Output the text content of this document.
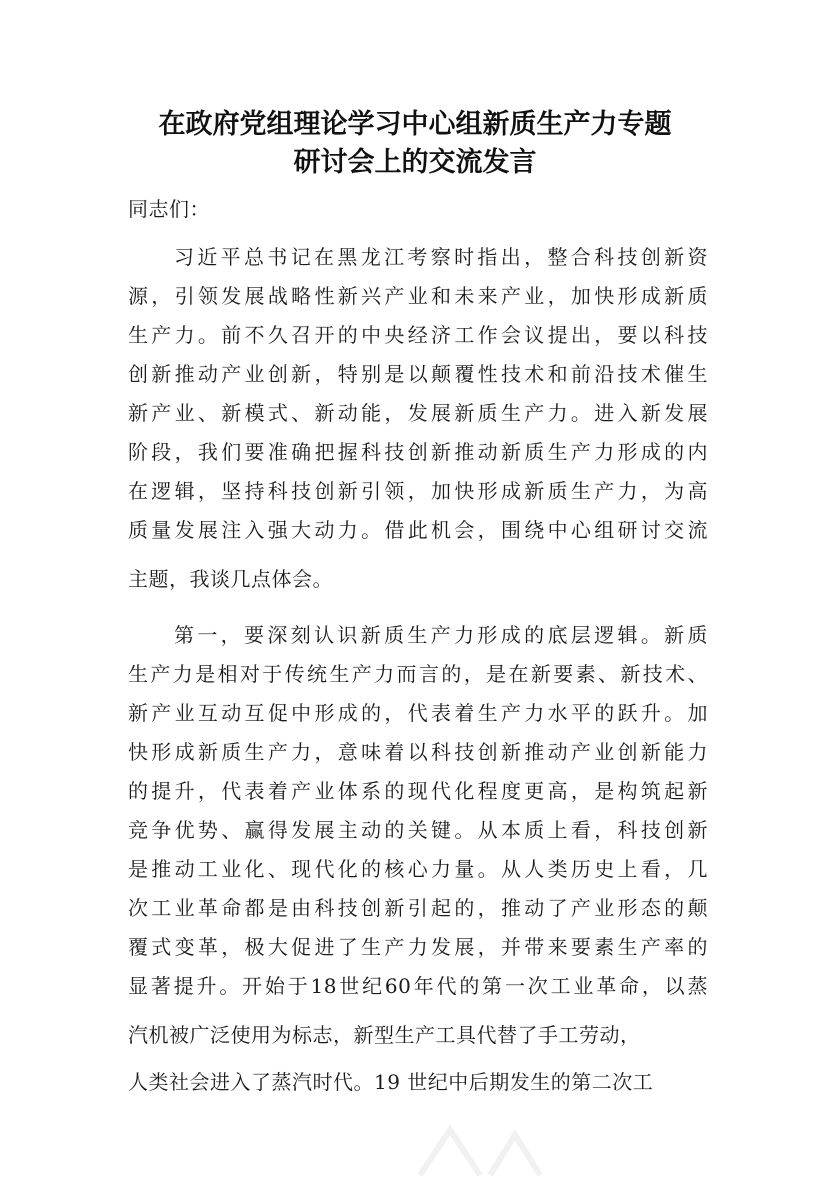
在政府党组理论学习中心组新质生产力专题
研讨会上的交流发言

同志们：

习近平总书记在黑龙江考察时指出，整合科技创新资

源，引领发展战略性新兴产业和未来产业，加快形成新质

生产力。前不久召开的中央经济工作会议提出，要以科技

创新推动产业创新，特别是以颠覆性技术和前沿技术催生

新产业、新模式、新动能，发展新质生产力。进入新发展

阶段，我们要准确把握科技创新推动新质生产力形成的内

在逻辑，坚持科技创新引领，加快形成新质生产力，为高

质量发展注入强大动力。借此机会，围绕中心组研讨交流

主题，我谈几点体会。

第一，要深刻认识新质生产力形成的底层逻辑。新质

生产力是相对于传统生产力而言的，是在新要素、新技术、

新产业互动互促中形成的，代表着生产力水平的跃升。加

快形成新质生产力，意味着以科技创新推动产业创新能力

的提升，代表着产业体系的现代化程度更高，是构筑起新

竞争优势、赢得发展主动的关键。从本质上看，科技创新

是推动工业化、现代化的核心力量。从人类历史上看，几

次工业革命都是由科技创新引起的，推动了产业形态的颠

覆式变革，极大促进了生产力发展，并带来要素生产率的

显著提升。开始于18世纪60年代的第一次工业革命，以蒸

汽机被广泛使用为标志，新型生产工具代替了手工劳动，

人类社会进入了蒸汽时代。19 世纪中后期发生的第二次工
